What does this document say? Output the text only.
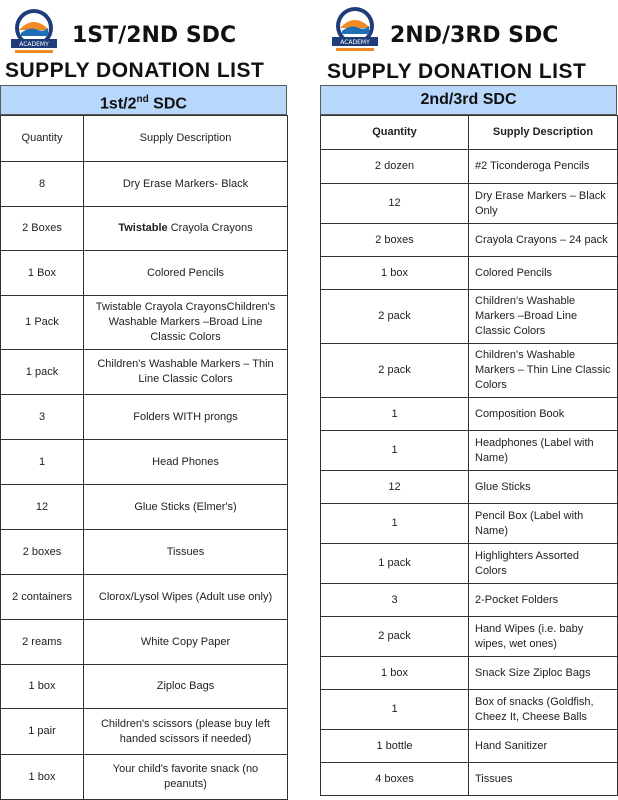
ACADEMY 1ST/2ND SDC
SUPPLY DONATION LIST
1st/2nd SDC
Quantity	Supply Description
8	Dry Erase Markers- Black
2 Boxes	Twistable Crayola Crayons
1 Box	Colored Pencils
1 Pack	Twistable Crayola CrayonsChildren's Washable Markers –Broad Line Classic Colors
1 pack	Children's Washable Markers – Thin Line Classic Colors
3	Folders WITH prongs
1	Head Phones
12	Glue Sticks (Elmer's)
2 boxes	Tissues
2 containers	Clorox/Lysol Wipes (Adult use only)
2 reams	White Copy Paper
1 box	Ziploc Bags
1 pair	Children's scissors (please buy left handed scissors if needed)
1 box	Your child's favorite snack (no peanuts)
ACADEMY 2ND/3RD SDC
SUPPLY DONATION LIST
2nd/3rd SDC
Quantity	Supply Description
2 dozen	#2 Ticonderoga Pencils
12	Dry Erase Markers – Black Only
2 boxes	Crayola Crayons – 24 pack
1 box	Colored Pencils
2 pack	Children's Washable Markers –Broad Line Classic Colors
2 pack	Children's Washable Markers – Thin Line Classic Colors
1	Composition Book
1	Headphones (Label with Name)
12	Glue Sticks
1	Pencil Box (Label with Name)
1 pack	Highlighters Assorted Colors
3	2-Pocket Folders
2 pack	Hand Wipes (i.e. baby wipes, wet ones)
1 box	Snack Size Ziploc Bags
1	Box of snacks (Goldfish, Cheez It, Cheese Balls
1 bottle	Hand Sanitizer
4 boxes	Tissues
